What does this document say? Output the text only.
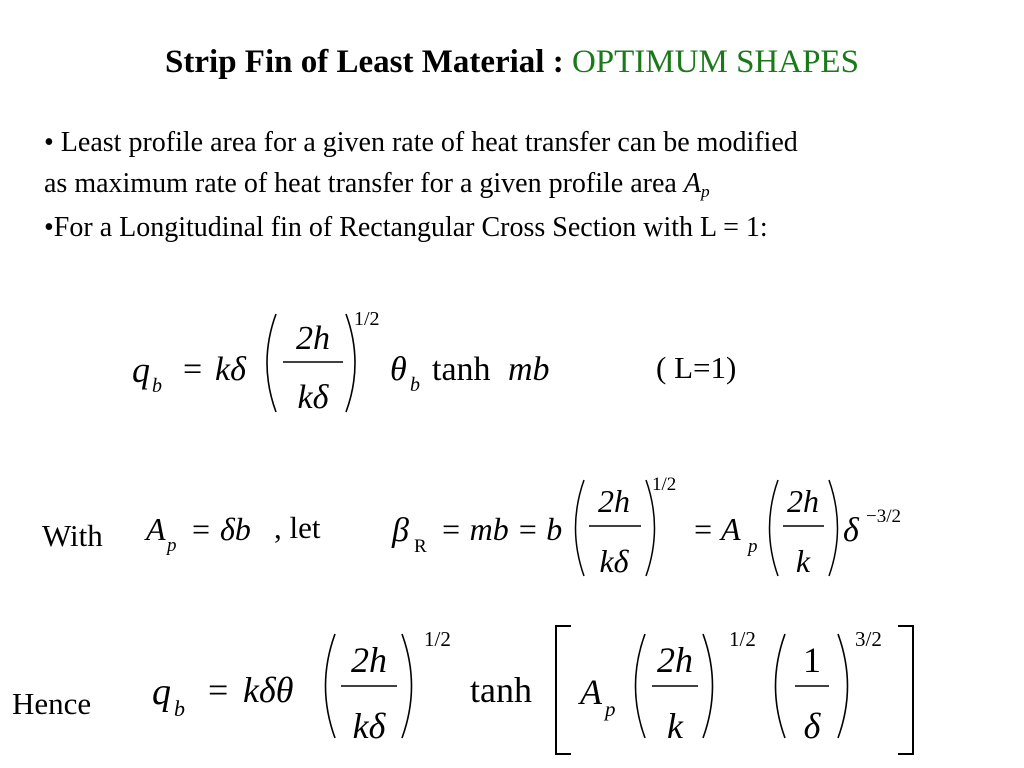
Strip Fin of Least Material : OPTIMUM SHAPES
• Least profile area for a given rate of heat transfer can be modified
as maximum rate of heat transfer for a given profile area Ap
•For a Longitudinal fin of Rectangular Cross Section with L = 1:
q b = kδ
2h
kδ
1/2
θ b tanh mb	( L=1)
With A p = δb , let β R = mb = b
2h
kδ
1/2
= A p
2h
k
δ −3/2
Hence q b = kδθ
2h
kδ
1/2
tanh A p
2h
k
1/2
1
δ
3/2
